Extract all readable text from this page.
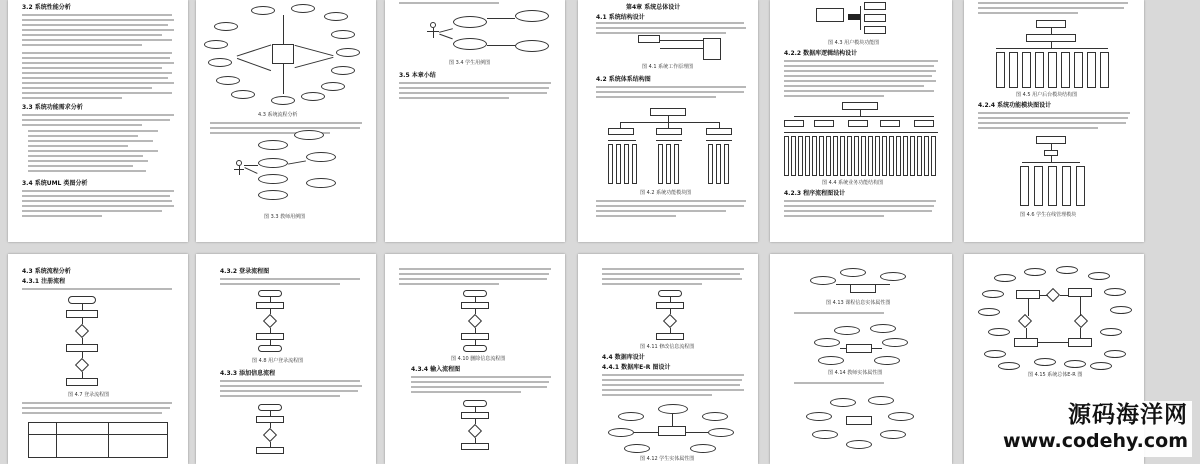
3.2 系统性能分析
3.3 系统功能需求分析
3.4 系统UML 类图分析
4.3 系统流程分析
图 3.3 教师用例图
图 3.4 学生用例图
3.5 本章小结
第4章 系统总体设计
4.1 系统结构设计
图 4.1 系统工作原理图
4.2 系统体系结构图
图 4.2 系统功能模块图
图 4.3 用户模块功能图
4.2.2 数据库逻辑结构设计
图 4.4 系统业务功能结构图
4.2.3 程序流程图设计
图 4.5 用户后台模块结构图
4.2.4 系统功能模块图设计
图 4.6 学生在线管理模块
4.3 系统流程分析
4.3.1 注册流程
图 4.7 登录流程图
4.3.2 登录流程图
图 4.8 用户登录流程图
4.3.3 添加信息流程
图 4.10 删除信息流程图
4.3.4 输入流程图
图 4.11 修改信息流程图
4.4 数据库设计
4.4.1 数据库E-R 图设计
图 4.12 学生实体属性图
图 4.13 课程信息实体属性图
图 4.14 教师实体属性图	图 4.15 系统总体E-R 图
源码海洋网
www.codehy.com
